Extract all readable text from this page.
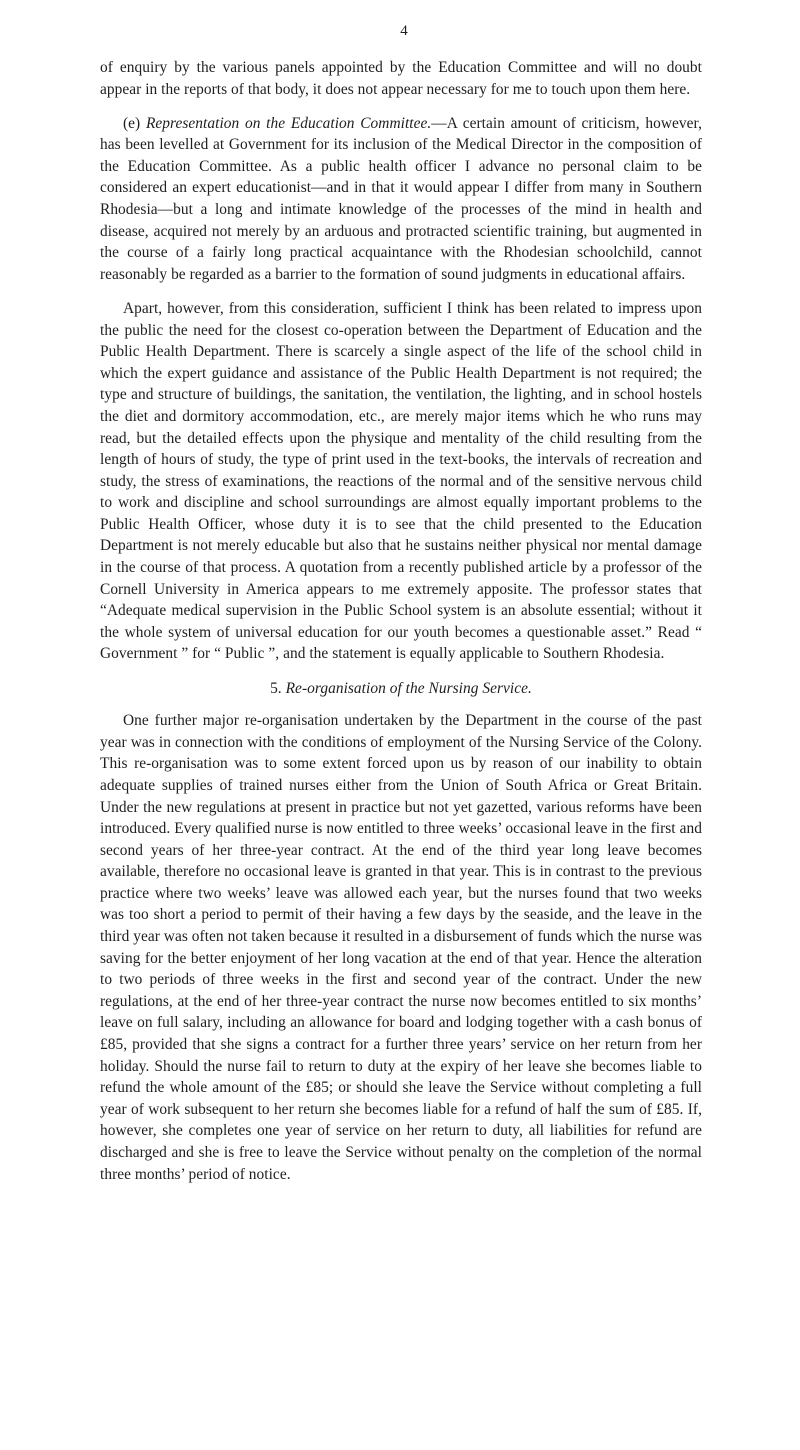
4

of enquiry by the various panels appointed by the Education Committee and will no doubt appear in the reports of that body, it does not appear necessary for me to touch upon them here.

(e) Representation on the Education Committee.—A certain amount of criticism, however, has been levelled at Government for its inclusion of the Medical Director in the composition of the Education Committee. As a public health officer I advance no personal claim to be considered an expert educationist—and in that it would appear I differ from many in Southern Rhodesia—but a long and intimate knowledge of the processes of the mind in health and disease, acquired not merely by an arduous and protracted scientific training, but augmented in the course of a fairly long practical acquaintance with the Rhodesian schoolchild, cannot reasonably be regarded as a barrier to the formation of sound judgments in educational affairs.

Apart, however, from this consideration, sufficient I think has been related to impress upon the public the need for the closest co-operation between the Department of Education and the Public Health Department. There is scarcely a single aspect of the life of the school child in which the expert guidance and assistance of the Public Health Department is not required; the type and structure of buildings, the sanitation, the ventilation, the lighting, and in school hostels the diet and dormitory accommodation, etc., are merely major items which he who runs may read, but the detailed effects upon the physique and mentality of the child resulting from the length of hours of study, the type of print used in the text-books, the intervals of recreation and study, the stress of examinations, the reactions of the normal and of the sensitive nervous child to work and discipline and school surroundings are almost equally important problems to the Public Health Officer, whose duty it is to see that the child presented to the Education Department is not merely educable but also that he sustains neither physical nor mental damage in the course of that process. A quotation from a recently published article by a professor of the Cornell University in America appears to me extremely apposite. The professor states that “Adequate medical supervision in the Public School system is an absolute essential; without it the whole system of universal education for our youth becomes a questionable asset.” Read “ Government ” for “ Public ”, and the statement is equally applicable to Southern Rhodesia.

5. Re-organisation of the Nursing Service.

One further major re-organisation undertaken by the Department in the course of the past year was in connection with the conditions of employment of the Nursing Service of the Colony. This re-organisation was to some extent forced upon us by reason of our inability to obtain adequate supplies of trained nurses either from the Union of South Africa or Great Britain. Under the new regulations at present in practice but not yet gazetted, various reforms have been introduced. Every qualified nurse is now entitled to three weeks’ occasional leave in the first and second years of her three-year contract. At the end of the third year long leave becomes available, therefore no occasional leave is granted in that year. This is in contrast to the previous practice where two weeks’ leave was allowed each year, but the nurses found that two weeks was too short a period to permit of their having a few days by the seaside, and the leave in the third year was often not taken because it resulted in a disbursement of funds which the nurse was saving for the better enjoyment of her long vacation at the end of that year. Hence the alteration to two periods of three weeks in the first and second year of the contract. Under the new regulations, at the end of her three-year contract the nurse now becomes entitled to six months’ leave on full salary, including an allowance for board and lodging together with a cash bonus of £85, provided that she signs a contract for a further three years’ service on her return from her holiday. Should the nurse fail to return to duty at the expiry of her leave she becomes liable to refund the whole amount of the £85; or should she leave the Service without completing a full year of work subsequent to her return she becomes liable for a refund of half the sum of £85. If, however, she completes one year of service on her return to duty, all liabilities for refund are discharged and she is free to leave the Service without penalty on the completion of the normal three months’ period of notice.
